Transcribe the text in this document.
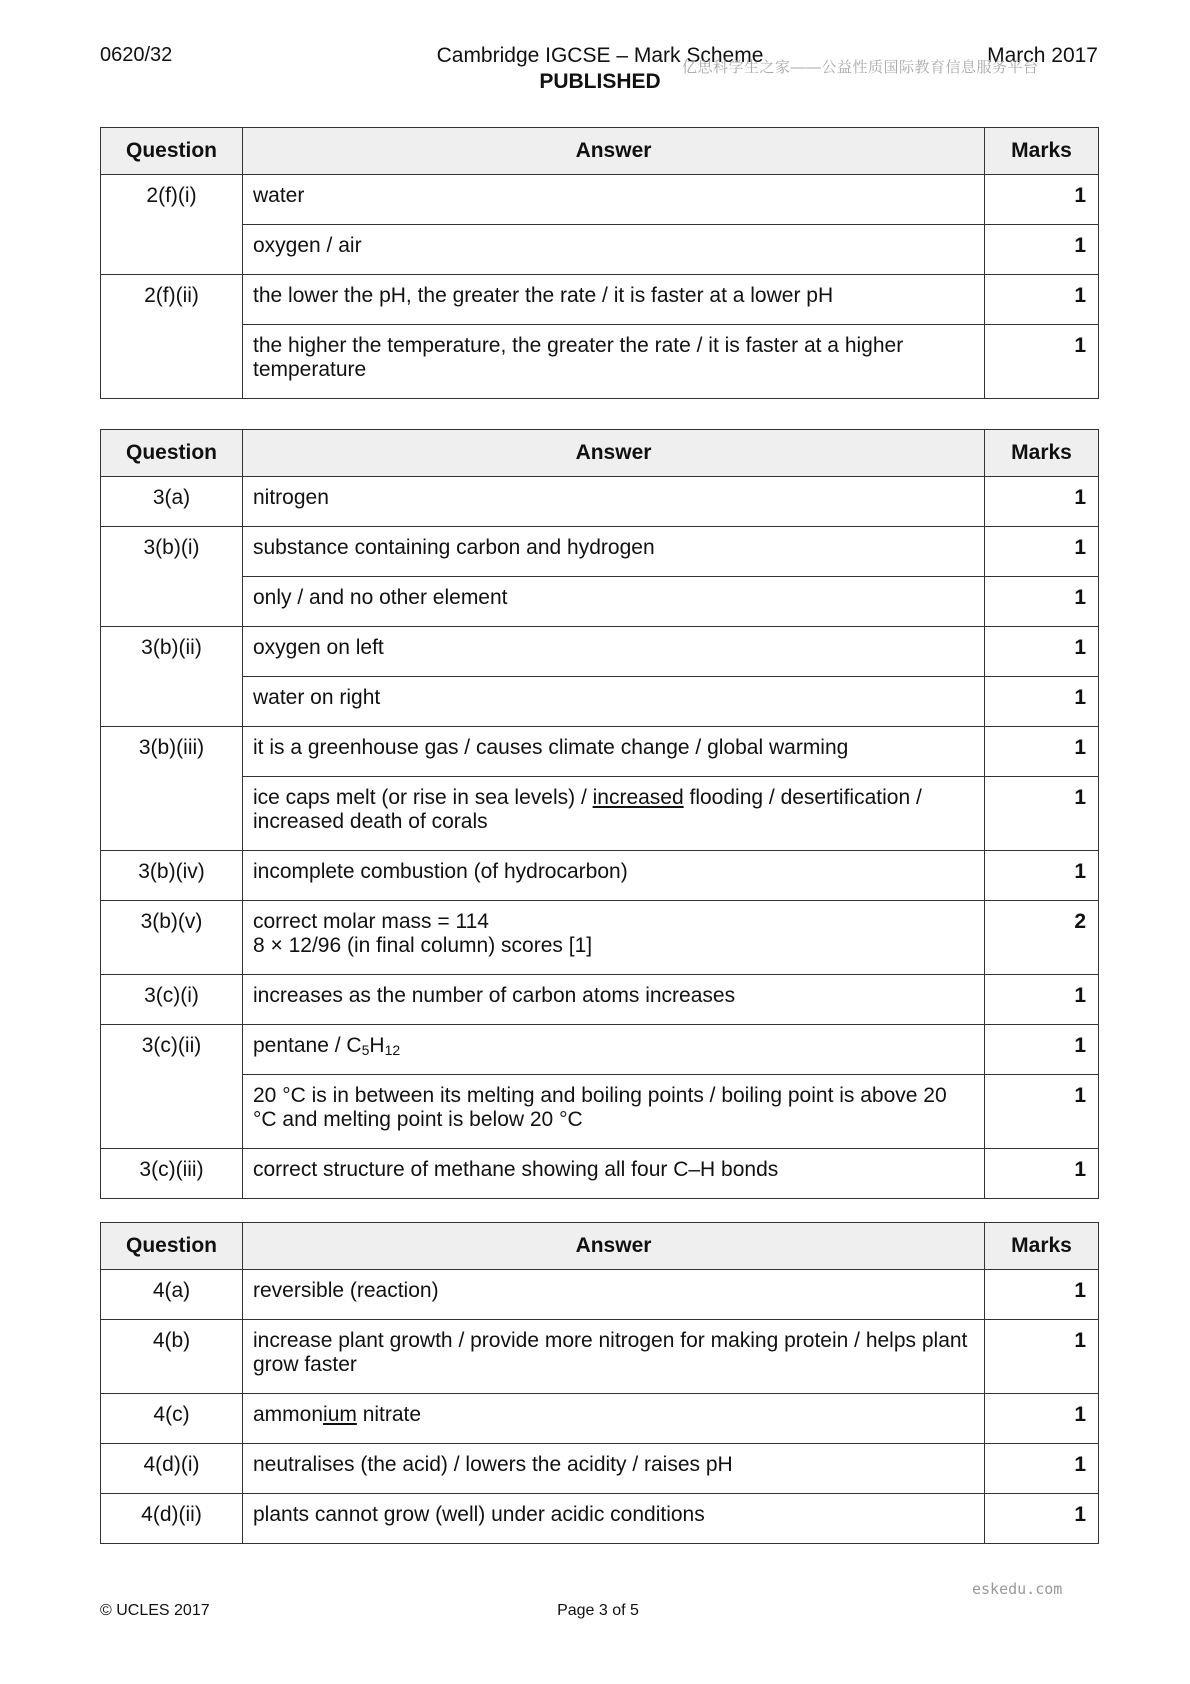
0620/32	Cambridge IGCSE – Mark Scheme
PUBLISHED
March 2017
亿思科学生之家——公益性质国际教育信息服务平台
Question	Answer	Marks
2(f)(i)	water	1
	oxygen / air	1
2(f)(ii)	the lower the pH, the greater the rate / it is faster at a lower pH	1
	the higher the temperature, the greater the rate / it is faster at a higher temperature	1
Question	Answer	Marks
3(a)	nitrogen	1
3(b)(i)	substance containing carbon and hydrogen	1
	only / and no other element	1
3(b)(ii)	oxygen on left	1
	water on right	1
3(b)(iii)	it is a greenhouse gas / causes climate change / global warming	1
	ice caps melt (or rise in sea levels) / increased flooding / desertification / increased death of corals	1
3(b)(iv)	incomplete combustion (of hydrocarbon)	1
3(b)(v)	correct molar mass = 114
8 × 12/96 (in final column) scores [1]	2
3(c)(i)	increases as the number of carbon atoms increases	1
3(c)(ii)	pentane / $C_5H_{12}$	1
	20 °C is in between its melting and boiling points / boiling point is above 20 °C and melting point is below 20 °C	1
3(c)(iii)	correct structure of methane showing all four C–H bonds	1
Question	Answer	Marks
4(a)	reversible (reaction)	1
4(b)	increase plant growth / provide more nitrogen for making protein / helps plant grow faster	1
4(c)	ammonium nitrate	1
4(d)(i)	neutralises (the acid) / lowers the acidity / raises pH	1
4(d)(ii)	plants cannot grow (well) under acidic conditions	1
eskedu.com
© UCLES 2017	Page 3 of 5
